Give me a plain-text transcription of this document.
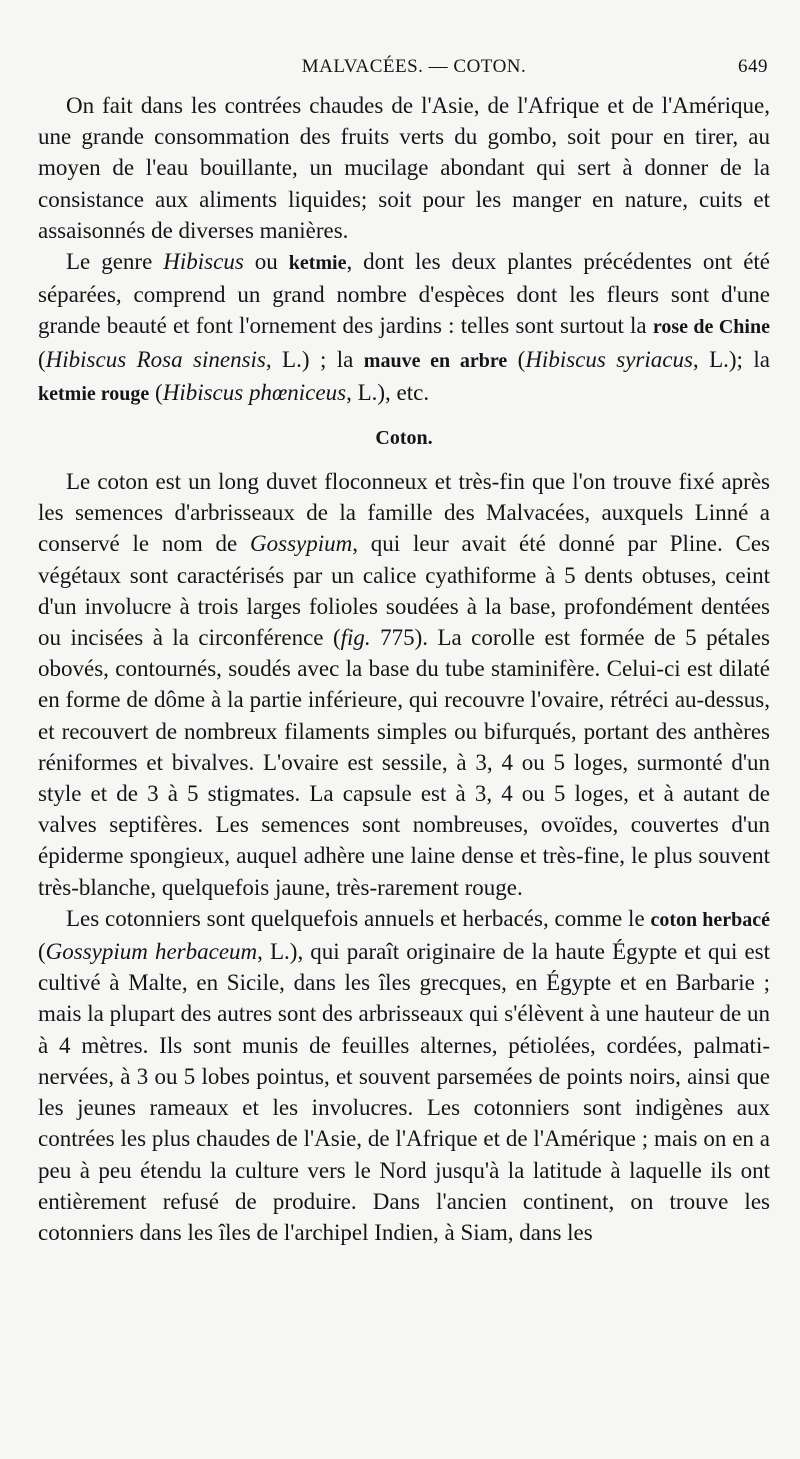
MALVACÉES. — COTON.	649

On fait dans les contrées chaudes de l'Asie, de l'Afrique et de l'Amérique, une grande consommation des fruits verts du gombo, soit pour en tirer, au moyen de l'eau bouillante, un mucilage abondant qui sert à donner de la consistance aux aliments liquides; soit pour les manger en nature, cuits et assaisonnés de diverses manières.

Le genre Hibiscus ou ketmie, dont les deux plantes précédentes ont été séparées, comprend un grand nombre d'espèces dont les fleurs sont d'une grande beauté et font l'ornement des jardins : telles sont surtout la rose de Chine (Hibiscus Rosa sinensis, L.) ; la mauve en arbre (Hibiscus syriacus, L.); la ketmie rouge (Hibiscus phœniceus, L.), etc.

Coton.

Le coton est un long duvet floconneux et très-fin que l'on trouve fixé après les semences d'arbrisseaux de la famille des Malvacées, auxquels Linné a conservé le nom de Gossypium, qui leur avait été donné par Pline. Ces végétaux sont caractérisés par un calice cyathiforme à 5 dents obtuses, ceint d'un involucre à trois larges folioles soudées à la base, profondément dentées ou incisées à la circonférence (fig. 775). La corolle est formée de 5 pétales obovés, contournés, soudés avec la base du tube staminifère. Celui-ci est dilaté en forme de dôme à la partie inférieure, qui recouvre l'ovaire, rétréci au-dessus, et recouvert de nombreux filaments simples ou bifurqués, portant des anthères réniformes et bivalves. L'ovaire est sessile, à 3, 4 ou 5 loges, surmonté d'un style et de 3 à 5 stigmates. La capsule est à 3, 4 ou 5 loges, et à autant de valves septifères. Les semences sont nombreuses, ovoïdes, couvertes d'un épiderme spongieux, auquel adhère une laine dense et très-fine, le plus souvent très-blanche, quelquefois jaune, très-rarement rouge.

Les cotonniers sont quelquefois annuels et herbacés, comme le coton herbacé (Gossypium herbaceum, L.), qui paraît originaire de la haute Égypte et qui est cultivé à Malte, en Sicile, dans les îles grecques, en Égypte et en Barbarie ; mais la plupart des autres sont des arbrisseaux qui s'élèvent à une hauteur de un à 4 mètres. Ils sont munis de feuilles alternes, pétiolées, cordées, palmati-nervées, à 3 ou 5 lobes pointus, et souvent parsemées de points noirs, ainsi que les jeunes rameaux et les involucres. Les cotonniers sont indigènes aux contrées les plus chaudes de l'Asie, de l'Afrique et de l'Amérique ; mais on en a peu à peu étendu la culture vers le Nord jusqu'à la latitude à laquelle ils ont entièrement refusé de produire. Dans l'ancien continent, on trouve les cotonniers dans les îles de l'archipel Indien, à Siam, dans les
